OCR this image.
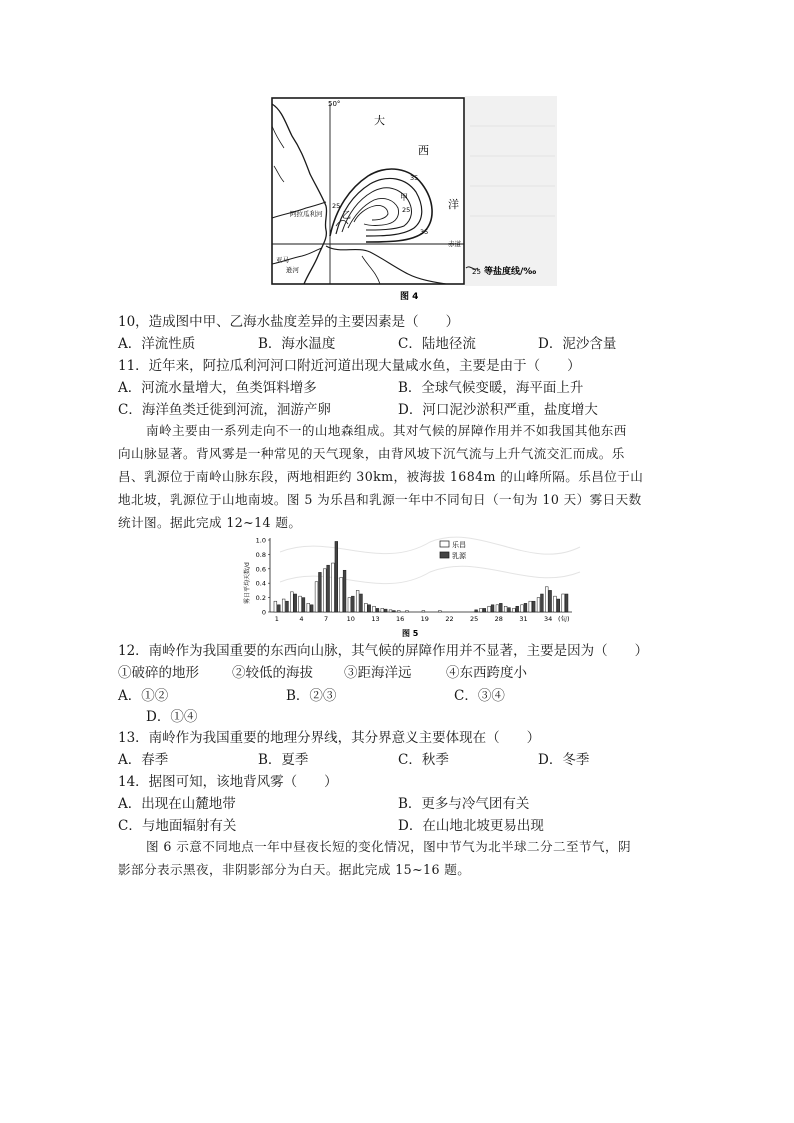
50°
大
西
洋
甲
乙
35
35
25
25
赤道
阿拉瓜利河
亚马
逊河	25 等盐度线/‰
图 4
10，造成图中甲、乙海水盐度差异的主要因素是（　　）
A．洋流性质	B．海水温度	C．陆地径流	D．泥沙含量
11．近年来，阿拉瓜利河河口附近河道出现大量咸水鱼，主要是由于（　　）
A．河流水量增大，鱼类饵料增多	B．全球气候变暖，海平面上升
C．海洋鱼类迁徙到河流，洄游产卵	D．河口泥沙淤积严重，盐度增大
南岭主要由一系列走向不一的山地森组成。其对气候的屏障作用并不如我国其他东西
向山脉显著。背风雾是一种常见的天气现象，由背风坡下沉气流与上升气流交汇而成。乐
昌、乳源位于南岭山脉东段，两地相距约 30km，被海拔 1684m 的山峰所隔。乐昌位于山
地北坡，乳源位于山地南坡。图 5 为乐昌和乳源一年中不同旬日（一旬为 10 天）雾日天数
统计图。据此完成 12~14 题。
0
0.2
0.4
0.6
0.8
1.0
1	4	7	10	13	16	19	22	25	28	31	34 (旬)
雾日平均天数/d
乐昌
乳源
图 5
12．南岭作为我国重要的东西向山脉，其气候的屏障作用并不显著，主要是因为（　　）
①破碎的地形 ②较低的海拔 ③距海洋远	④东西跨度小
A．①②	B．②③	C．③④
D．①④
13．南岭作为我国重要的地理分界线，其分界意义主要体现在（　　）
A．春季	B．夏季	C．秋季	D．冬季
14．据图可知，该地背风雾（　　）
A．出现在山麓地带	B．更多与冷气团有关
C．与地面辐射有关	D．在山地北坡更易出现
图 6 示意不同地点一年中昼夜长短的变化情况，图中节气为北半球二分二至节气，阴
影部分表示黑夜，非阴影部分为白天。据此完成 15~16 题。
